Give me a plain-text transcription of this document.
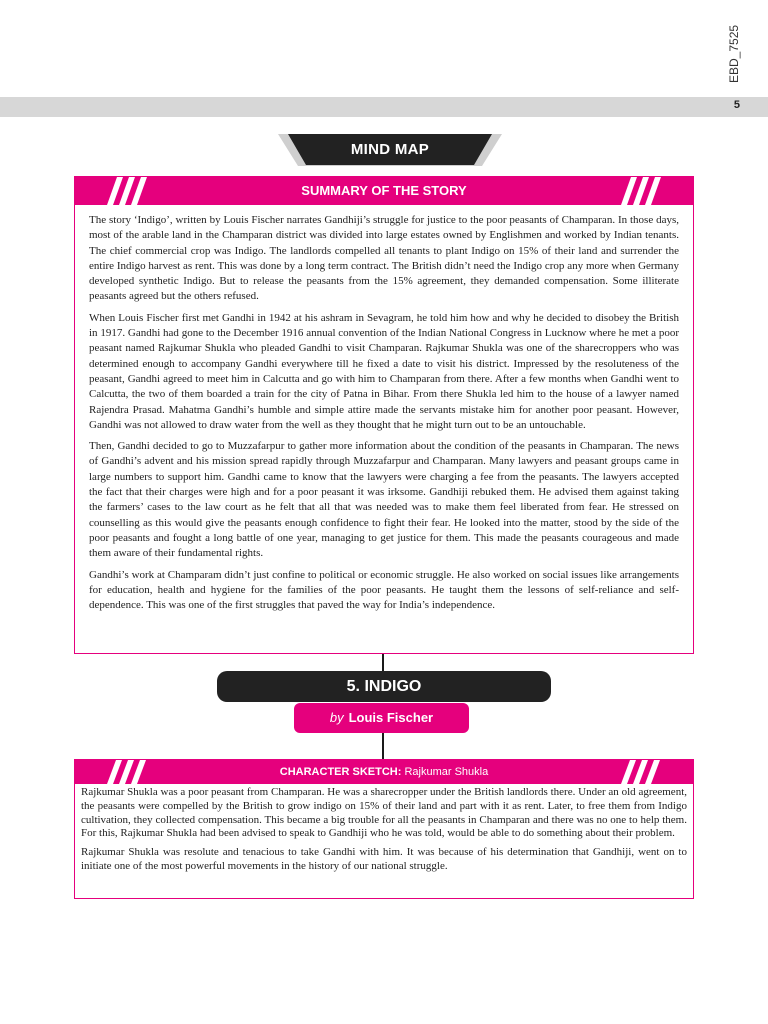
EBD_7525
5
MIND MAP
SUMMARY OF THE STORY

The story ‘Indigo’, written by Louis Fischer narrates Gandhiji’s struggle for justice to the poor peasants of Champaran. In those days, most of the arable land in the Champaran district was divided into large estates owned by Englishmen and worked by Indian tenants. The chief commercial crop was Indigo. The landlords compelled all tenants to plant Indigo on 15% of their land and surrender the entire Indigo harvest as rent. This was done by a long term contract. The British didn’t need the Indigo crop any more when Germany developed synthetic Indigo. But to release the peasants from the 15% agreement, they demanded compensation. Some illiterate peasants agreed but the others refused.

When Louis Fischer first met Gandhi in 1942 at his ashram in Sevagram, he told him how and why he decided to disobey the British in 1917. Gandhi had gone to the December 1916 annual convention of the Indian National Congress in Lucknow where he met a poor peasant named Rajkumar Shukla who pleaded Gandhi to visit Champaran. Rajkumar Shukla was one of the sharecroppers who was determined enough to accompany Gandhi everywhere till he fixed a date to visit his district. Impressed by the resoluteness of the peasant, Gandhi agreed to meet him in Calcutta and go with him to Champaran from there. After a few months when Gandhi went to Calcutta, the two of them boarded a train for the city of Patna in Bihar. From there Shukla led him to the house of a lawyer named Rajendra Prasad. Mahatma Gandhi’s humble and simple attire made the servants mistake him for another poor peasant. However, Gandhi was not allowed to draw water from the well as they thought that he might turn out to be an untouchable.

Then, Gandhi decided to go to Muzzafarpur to gather more information about the condition of the peasants in Champaran. The news of Gandhi’s advent and his mission spread rapidly through Muzzafarpur and Champaran. Many lawyers and peasant groups came in large numbers to support him. Gandhi came to know that the lawyers were charging a fee from the peasants. The lawyers accepted the fact that their charges were high and for a poor peasant it was irksome. Gandhiji rebuked them. He advised them against taking the farmers’ cases to the law court as he felt that all that was needed was to make them feel liberated from fear. He stressed on counselling as this would give the peasants enough confidence to fight their fear. He looked into the matter, stood by the side of the poor peasants and fought a long battle of one year, managing to get justice for them. This made the peasants courageous and made them aware of their fundamental rights.

Gandhi’s work at Champaram didn’t just confine to political or economic struggle. He also worked on social issues like arrangements for education, health and hygiene for the families of the poor peasants. He taught them the lessons of self-reliance and self-dependence. This was one of the first struggles that paved the way for India’s independence.

5. INDIGO
by Louis Fischer
CHARACTER SKETCH: Rajkumar Shukla

Rajkumar Shukla was a poor peasant from Champaran. He was a sharecropper under the British landlords there. Under an old agreement, the peasants were compelled by the British to grow indigo on 15% of their land and part with it as rent. Later, to free them from Indigo cultivation, they collected compensation. This became a big trouble for all the peasants in Champaran and there was no one to help them. For this, Rajkumar Shukla had been advised to speak to Gandhiji who he was told, would be able to do something about their problem.

Rajkumar Shukla was resolute and tenacious to take Gandhi with him. It was because of his determination that Gandhiji, went on to initiate one of the most powerful movements in the history of our national struggle.
